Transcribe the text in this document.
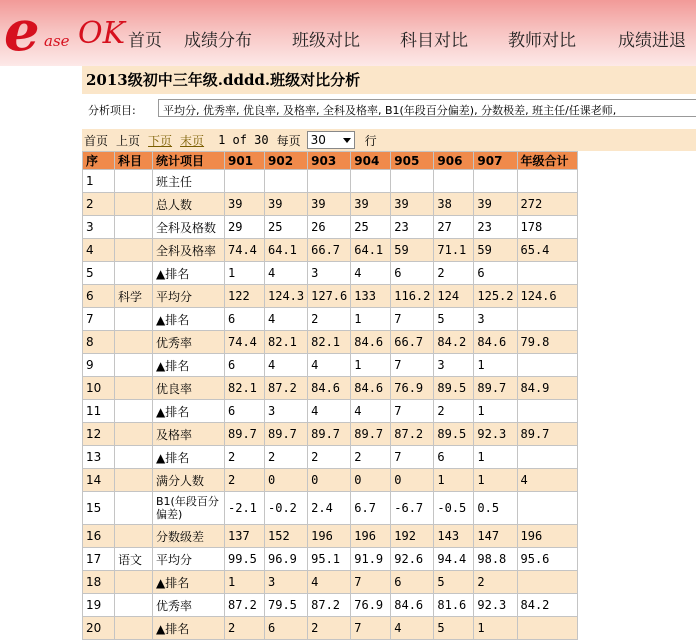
e ase OK 首页	成绩分布	班级对比	科目对比	教师对比	成绩进退
2013级初中三年级.dddd.班级对比分析
分析项目:	平均分, 优秀率, 优良率, 及格率, 全科及格率, B1(年段百分偏差), 分数极差, 班主任/任课老师,
首页 上页 下页 末页 1 of 30 每页 30	行
序	科目	统计项目	901	902	903	904	905	906	907	年级合计
1		班主任								
2		总人数	39	39	39	39	39	38	39	272
3		全科及格数	29	25	26	25	23	27	23	178
4		全科及格率	74.4	64.1	66.7	64.1	59	71.1	59	65.4
5		▲排名	1	4	3	4	6	2	6	
6	科学	平均分	122	124.3	127.6	133	116.2	124	125.2	124.6
7		▲排名	6	4	2	1	7	5	3	
8		优秀率	74.4	82.1	82.1	84.6	66.7	84.2	84.6	79.8
9		▲排名	6	4	4	1	7	3	1	
10		优良率	82.1	87.2	84.6	84.6	76.9	89.5	89.7	84.9
11		▲排名	6	3	4	4	7	2	1	
12		及格率	89.7	89.7	89.7	89.7	87.2	89.5	92.3	89.7
13		▲排名	2	2	2	2	7	6	1	
14		满分人数	2	0	0	0	0	1	1	4
15		B1(年段百分偏差)	-2.1	-0.2	2.4	6.7	-6.7	-0.5	0.5	
16		分数级差	137	152	196	196	192	143	147	196
17	语文	平均分	99.5	96.9	95.1	91.9	92.6	94.4	98.8	95.6
18		▲排名	1	3	4	7	6	5	2	
19		优秀率	87.2	79.5	87.2	76.9	84.6	81.6	92.3	84.2
20		▲排名	2	6	2	7	4	5	1	
